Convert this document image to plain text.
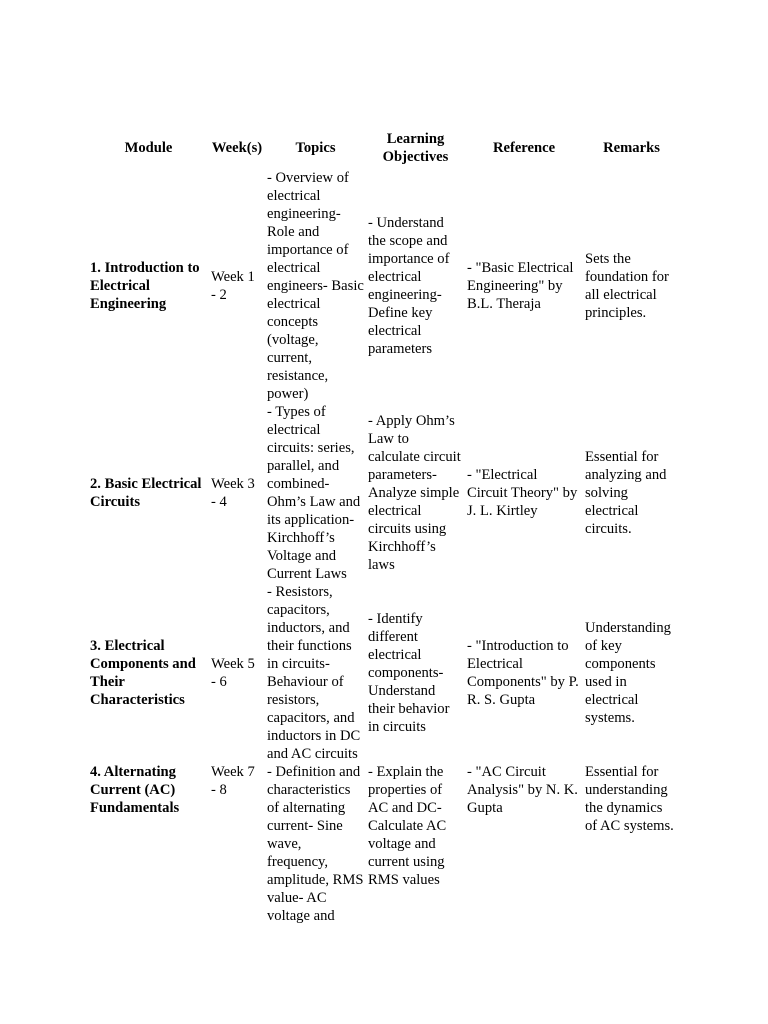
Module	Week(s)	Topics	Learning Objectives	Reference	Remarks
1. Introduction to Electrical Engineering	Week 1 - 2	- Overview of electrical engineering- Role and importance of electrical engineers- Basic electrical concepts (voltage, current, resistance, power)	- Understand the scope and importance of electrical engineering- Define key electrical parameters	- "Basic Electrical Engineering" by B.L. Theraja	Sets the foundation for all electrical principles.
2. Basic Electrical Circuits	Week 3 - 4	- Types of electrical circuits: series, parallel, and combined- Ohm’s Law and its application- Kirchhoff’s Voltage and Current Laws	- Apply Ohm’s Law to calculate circuit parameters- Analyze simple electrical circuits using Kirchhoff’s laws	- "Electrical Circuit Theory" by J. L. Kirtley	Essential for analyzing and solving electrical circuits.
3. Electrical Components and Their Characteristics	Week 5 - 6	- Resistors, capacitors, inductors, and their functions in circuits- Behaviour of resistors, capacitors, and inductors in DC and AC circuits	- Identify different electrical components- Understand their behavior in circuits	- "Introduction to Electrical Components" by P. R. S. Gupta	Understanding of key components used in electrical systems.
4. Alternating Current (AC) Fundamentals	Week 7 - 8	- Definition and characteristics of alternating current- Sine wave, frequency, amplitude, RMS value- AC voltage and	- Explain the properties of AC and DC- Calculate AC voltage and current using RMS values	- "AC Circuit Analysis" by N. K. Gupta	Essential for understanding the dynamics of AC systems.
